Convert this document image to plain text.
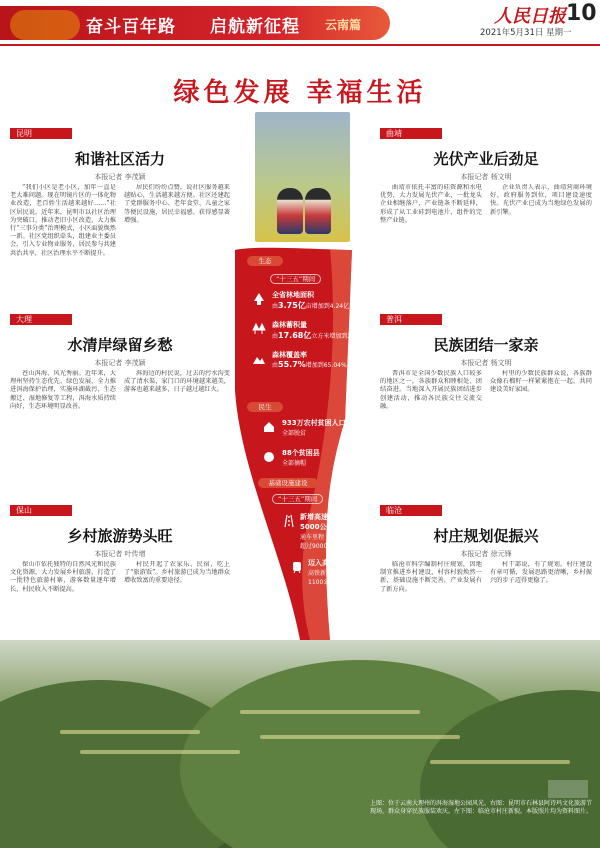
奋斗百年路 启航新征程 云南篇	人民日报 10
2021年5月31日 星期一
绿色发展 幸福生活
昆明
和谐社区活力
本报记者 李茂颖

“我们小区是老小区，加年一直是老大难问题。现在明镜片区的一体化物业改造，老百姓生活越来越好……”社区居民说。近年来，昆明市以社区治理为突破口，推动老旧小区改造，大力推行“三事分类”治理模式，小区面貌焕然一新。社区党组织牵头，组建业主委员会，引入专业物业服务，居民参与共建共治共享，社区治理水平不断提升。

居民们纷纷点赞，说社区服务越来越贴心，生活越来越方便。社区还建起了党群服务中心、老年食堂、儿童之家等便民设施，居民幸福感、获得感显著增强。

曲靖
光伏产业后劲足
本报记者 杨文明

曲靖市依托丰富的硅资源和水电优势，大力发展光伏产业，一批龙头企业相继落户，产业链条不断延伸，形成了从工业硅到电池片、组件的完整产业链。

企业负责人表示，曲靖营商环境好，政府服务到位，项目建设速度快。光伏产业已成为当地绿色发展的新引擎。

大理
水清岸绿留乡愁
本报记者 李茂颖

苍山洱海，风光秀丽。近年来，大理州坚持生态优先、绿色发展，全力推进洱海保护治理，实施环湖截污、生态搬迁、湿地修复等工程，洱海水质持续向好，生态环境明显改善。

洱海边的村民说，过去的污水沟变成了清水渠，家门口的环境越来越美，游客也越来越多，日子越过越红火。

普洱
民族团结一家亲
本报记者 杨文明

普洱市是全国少数民族人口较多的地区之一，各族群众和睦相处、团结奋进。当地深入开展民族团结进步创建活动，推动各民族交往交流交融。

村里的少数民族群众说，各族群众像石榴籽一样紧紧抱在一起，共同建设美好家园。

保山
乡村旅游势头旺
本报记者 叶传增

保山市依托独特的自然风光和民族文化资源，大力发展乡村旅游，打造了一批特色旅游村寨，游客数量逐年增长，村民收入不断提高。

村民开起了农家乐、民宿，吃上了“旅游饭”。乡村旅游已成为当地群众增收致富的重要途径。

临沧
村庄规划促振兴
本报记者 徐元锋

临沧市科学编制村庄规划，因地制宜推进乡村建设，村容村貌焕然一新，基础设施不断完善，产业发展有了新方向。

村干部说，有了规划，村庄建设有章可循，发展思路更清晰，乡村振兴的步子迈得更稳了。

生态
“十三五”期间
全省林地面积
由3.75亿亩增加到4.24亿亩
森林蓄积量
由17.68亿立方米增加到20.67亿立方米
森林覆盖率
由55.7%增加到65.04%
民生
933万农村贫困人口
全部脱贫
88个贫困县
全部摘帽
基础设施建设
“十三五”期间
新增高速公路
5000公里
通车里程
超过9000公里
迈入高铁时代
高铁新增里程
1100公里
上图：位于云南大理州的洱海湿地公园风光。右图：昆明市石林县阿诗玛文化旅游节现场，群众身穿民族服装欢庆。左下图：临沧市村庄新貌。本版照片均为资料图片。
